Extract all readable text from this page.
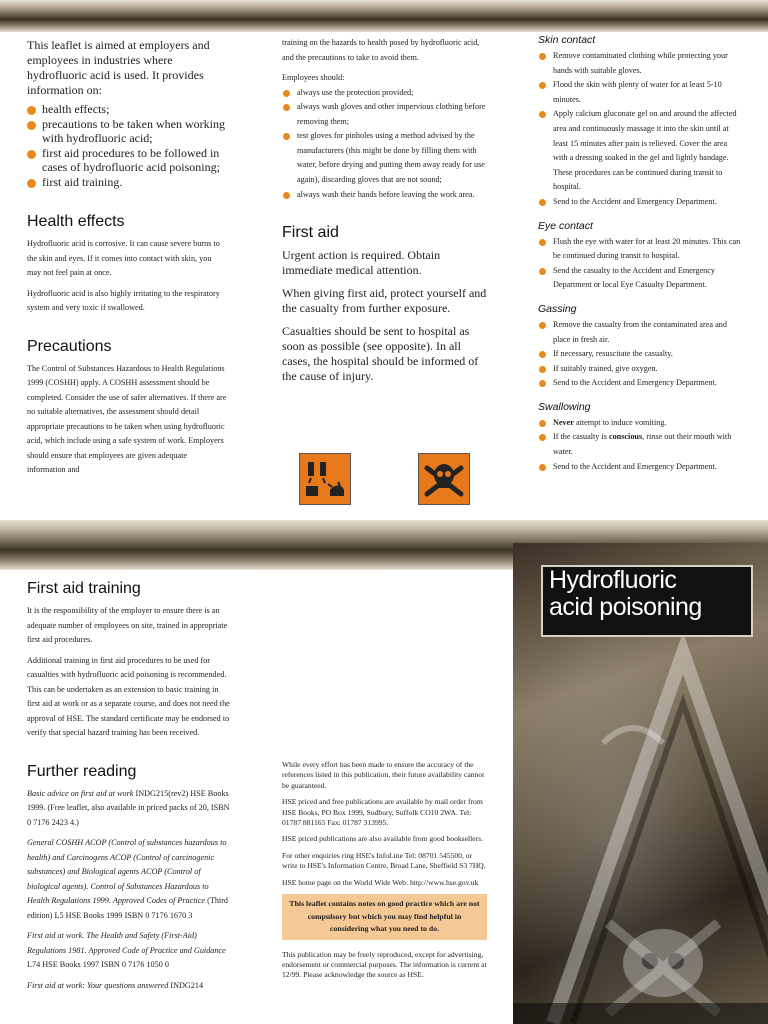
This leaflet is aimed at employers and employees in industries where hydrofluoric acid is used. It provides information on:

health effects;
precautions to be taken when working with hydrofluoric acid;
first aid procedures to be followed in cases of hydrofluoric acid poisoning;
first aid training.
Health effects

Hydrofluoric acid is corrosive. It can cause severe burns to the skin and eyes. If it comes into contact with skin, you may not feel pain at once.

Hydrofluoric acid is also highly irritating to the respiratory system and very toxic if swallowed.

Precautions

The Control of Substances Hazardous to Health Regulations 1999 (COSHH) apply. A COSHH assessment should be completed. Consider the use of safer alternatives. If there are no suitable alternatives, the assessment should detail appropriate precautions to be taken when using hydrofluoric acid, which include using a safe system of work. Employers should ensure that employees are given adequate information and

training on the hazards to health posed by hydrofluoric acid, and the precautions to take to avoid them.

Employees should:

always use the protection provided;
always wash gloves and other impervious clothing before removing them;
test gloves for pinholes using a method advised by the manufacturers (this might be done by filling them with water, before drying and putting them away ready for use again), discarding gloves that are not sound;
always wash their hands before leaving the work area.
First aid

Urgent action is required. Obtain immediate medical attention.

When giving first aid, protect yourself and the casualty from further exposure.

Casualties should be sent to hospital as soon as possible (see opposite). In all cases, the hospital should be informed of the cause of injury.

Skin contact
Remove contaminated clothing while protecting your hands with suitable gloves.
Flood the skin with plenty of water for at least 5-10 minutes.
Apply calcium gluconate gel on and around the affected area and continuously massage it into the skin until at least 15 minutes after pain is relieved. Cover the area with a dressing soaked in the gel and lightly bandage. These procedures can be continued during transit to hospital.
Send to the Accident and Emergency Department.
Eye contact
Flush the eye with water for at least 20 minutes. This can be continued during transit to hospital.
Send the casualty to the Accident and Emergency Department or local Eye Casualty Department.
Gassing
Remove the casualty from the contaminated area and place in fresh air.
If necessary, resuscitate the casualty.
If suitably trained, give oxygen.
Send to the Accident and Emergency Department.
Swallowing
Never attempt to induce vomiting.
If the casualty is conscious, rinse out their mouth with water.
Send to the Accident and Emergency Department.
First aid training

It is the responsibility of the employer to ensure there is an adequate number of employees on site, trained in appropriate first aid procedures.

Additional training in first aid procedures to be used for casualties with hydrofluoric acid poisoning is recommended. This can be undertaken as an extension to basic training in first aid at work or as a separate course, and does not need the approval of HSE. The standard certificate may be endorsed to verify that special hazard training has been received.

Further reading

Basic advice on first aid at work INDG215(rev2) HSE Books 1999. (Free leaflet, also available in priced packs of 20, ISBN 0 7176 2423 4.)

General COSHH ACOP (Control of substances hazardous to health) and Carcinogens ACOP (Control of carcinogenic substances) and Biological agents ACOP (Control of biological agents). Control of Substances Hazardous to Health Regulations 1999. Approved Codes of Practice (Third edition) L5 HSE Books 1999 ISBN 0 7176 1670 3

First aid at work. The Health and Safety (First-Aid) Regulations 1981. Approved Code of Practice and Guidance L74 HSE Books 1997 ISBN 0 7176 1050 0

First aid at work: Your questions answered INDG214

While every effort has been made to ensure the accuracy of the references listed in this publication, their future availability cannot be guaranteed.

HSE priced and free publications are available by mail order from HSE Books, PO Box 1999, Sudbury, Suffolk CO10 2WA. Tel: 01787 881165 Fax: 01787 313995.

HSE priced publications are also available from good booksellers.

For other enquiries ring HSE's InfoLine Tel: 08701 545500, or write to HSE's Information Centre, Broad Lane, Sheffield S3 7HQ.

HSE home page on the World Wide Web: http://www.hse.gov.uk

This leaflet contains notes on good practice which are not compulsory but which you may find helpful in considering what you need to do.

This publication may be freely reproduced, except for advertising, endorsement or commercial purposes. The information is current at 12/99. Please acknowledge the source as HSE.

Hydrofluoric
acid poisoning
